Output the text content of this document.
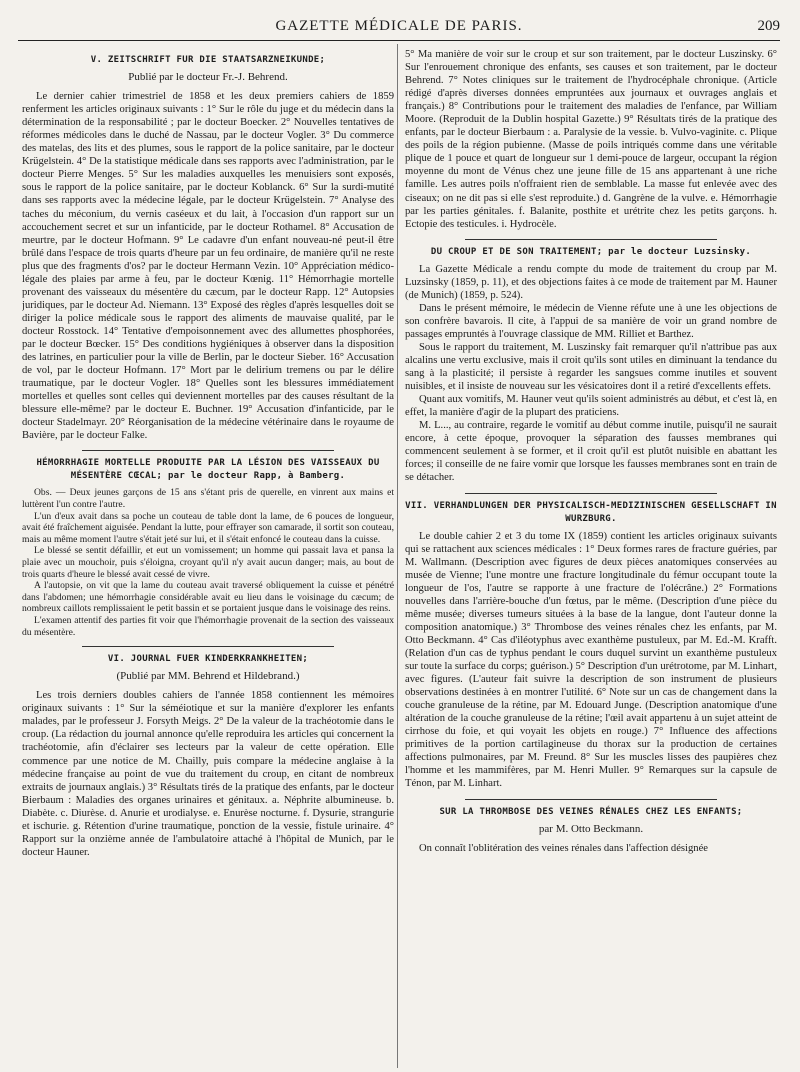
GAZETTE MÉDICALE DE PARIS.	209
V. ZEITSCHRIFT FUR DIE STAATSARZNEIKUNDE;
Publié par le docteur Fr.-J. Behrend.

Le dernier cahier trimestriel de 1858 et les deux premiers cahiers de 1859 renferment les articles originaux suivants : 1° Sur le rôle du juge et du médecin dans la détermination de la responsabilité ; par le docteur Boecker. 2° Nouvelles tentatives de réformes médicoles dans le duché de Nassau, par le docteur Vogler. 3° Du commerce des matelas, des lits et des plumes, sous le rapport de la police sanitaire, par le docteur Krügelstein. 4° De la statistique médicale dans ses rapports avec l'administration, par le docteur Pierre Menges. 5° Sur les maladies auxquelles les menuisiers sont exposés, sous le rapport de la police sanitaire, par le docteur Koblanck. 6° Sur la surdi-mutité dans ses rapports avec la médecine légale, par le docteur Krügelstein. 7° Analyse des taches du méconium, du vernis caséeux et du lait, à l'occasion d'un rapport sur un accouchement secret et sur un infanticide, par le docteur Rothamel. 8° Accusation de meurtre, par le docteur Hofmann. 9° Le cadavre d'un enfant nouveau-né peut-il être brûlé dans l'espace de trois quarts d'heure par un feu ordinaire, de manière qu'il ne reste plus que des fragments d'os? par le docteur Hermann Vezin. 10° Appréciation médico-légale des plaies par arme à feu, par le docteur Kœnig. 11° Hémorrhagie mortelle provenant des vaisseaux du mésentère du cæcum, par le docteur Rapp. 12° Autopsies juridiques, par le docteur Ad. Niemann. 13° Exposé des règles d'après lesquelles doit se diriger la police médicale sous le rapport des aliments de mauvaise qualité, par le docteur Rosstock. 14° Tentative d'empoisonnement avec des allumettes phosphorées, par le docteur Bœcker. 15° Des conditions hygiéniques à observer dans la disposition des latrines, en particulier pour la ville de Berlin, par le docteur Sieber. 16° Accusation de vol, par le docteur Hofmann. 17° Mort par le delirium tremens ou par le délire traumatique, par le docteur Vogler. 18° Quelles sont les blessures immédiatement mortelles et quelles sont celles qui deviennent mortelles par des causes résultant de la blessure elle-même? par le docteur E. Buchner. 19° Accusation d'infanticide, par le docteur Stadelmayr. 20° Réorganisation de la médecine vétérinaire dans le royaume de Bavière, par le docteur Falke.

HÉMORRHAGIE MORTELLE PRODUITE PAR LA LÉSION DES VAISSEAUX DU MÉSENTÈRE CŒCAL; par le docteur Rapp, à Bamberg.

Obs. — Deux jeunes garçons de 15 ans s'étant pris de querelle, en vinrent aux mains et luttèrent l'un contre l'autre.

L'un d'eux avait dans sa poche un couteau de table dont la lame, de 6 pouces de longueur, avait été fraîchement aiguisée. Pendant la lutte, pour effrayer son camarade, il sortit son couteau, mais au même moment l'autre s'était jeté sur lui, et il s'était enfoncé le couteau dans la cuisse.

Le blessé se sentit défaillir, et eut un vomissement; un homme qui passait lava et pansa la plaie avec un mouchoir, puis s'éloigna, croyant qu'il n'y avait aucun danger; mais, au bout de trois quarts d'heure le blessé avait cessé de vivre.

A l'autopsie, on vit que la lame du couteau avait traversé obliquement la cuisse et pénétré dans l'abdomen; une hémorrhagie considérable avait eu lieu dans le voisinage du cæcum; de nombreux caillots remplissaient le petit bassin et se portaient jusque dans le voisinage des reins.

L'examen attentif des parties fit voir que l'hémorrhagie provenait de la section des vaisseaux du mésentère.

VI. JOURNAL FUER KINDERKRANKHEITEN;
(Publié par MM. Behrend et Hildebrand.)

Les trois derniers doubles cahiers de l'année 1858 contiennent les mémoires originaux suivants : 1° Sur la séméiotique et sur la manière d'explorer les enfants malades, par le professeur J. Forsyth Meigs. 2° De la valeur de la trachéotomie dans le croup. (La rédaction du journal annonce qu'elle reproduira les articles qui concernent la trachéotomie, afin d'éclairer ses lecteurs par la valeur de cette opération. Elle commence par une notice de M. Chailly, puis compare la médecine anglaise à la médecine française au point de vue du traitement du croup, en citant de nombreux extraits de journaux anglais.) 3° Résultats tirés de la pratique des enfants, par le docteur Bierbaum : Maladies des organes urinaires et génitaux. a. Néphrite albumineuse. b. Diabète. c. Diurèse. d. Anurie et urodialyse. e. Enurèse nocturne. f. Dysurie, strangurie et ischurie. g. Rétention d'urine traumatique, ponction de la vessie, fistule urinaire. 4° Rapport sur la onzième année de l'ambulatoire attaché à l'hôpital de Munich, par le docteur Hauner.

5° Ma manière de voir sur le croup et sur son traitement, par le docteur Luszinsky. 6° Sur l'enrouement chronique des enfants, ses causes et son traitement, par le docteur Behrend. 7° Notes cliniques sur le traitement de l'hydrocéphale chronique. (Article rédigé d'après diverses données empruntées aux journaux et ouvrages anglais et français.) 8° Contributions pour le traitement des maladies de l'enfance, par William Moore. (Reproduit de la Dublin hospital Gazette.) 9° Résultats tirés de la pratique des enfants, par le docteur Bierbaum : a. Paralysie de la vessie. b. Vulvo-vaginite. c. Plique des poils de la région pubienne. (Masse de poils intriqués comme dans une véritable plique de 1 pouce et quart de longueur sur 1 demi-pouce de largeur, occupant la région moyenne du mont de Vénus chez une jeune fille de 15 ans appartenant à une riche famille. Les autres poils n'offraient rien de semblable. La masse fut enlevée avec des ciseaux; on ne dit pas si elle s'est reproduite.) d. Gangrène de la vulve. e. Hémorrhagie par les parties génitales. f. Balanite, posthite et urétrite chez les petits garçons. h. Ectopie des testicules. i. Hydrocèle.

DU CROUP ET DE SON TRAITEMENT; par le docteur Luzsinsky.

La Gazette Médicale a rendu compte du mode de traitement du croup par M. Luzsinsky (1859, p. 11), et des objections faites à ce mode de traitement par M. Hauner (de Munich) (1859, p. 524).

Dans le présent mémoire, le médecin de Vienne réfute une à une les objections de son confrère bavarois. Il cite, à l'appui de sa manière de voir un grand nombre de passages empruntés à l'ouvrage classique de MM. Rilliet et Barthez.

Sous le rapport du traitement, M. Luszinsky fait remarquer qu'il n'attribue pas aux alcalins une vertu exclusive, mais il croit qu'ils sont utiles en diminuant la tendance du sang à la plasticité; il persiste à regarder les sangsues comme inutiles et souvent nuisibles, et il insiste de nouveau sur les vésicatoires dont il a retiré d'excellents effets.

Quant aux vomitifs, M. Hauner veut qu'ils soient administrés au début, et c'est là, en effet, la manière d'agir de la plupart des praticiens.

M. L..., au contraire, regarde le vomitif au début comme inutile, puisqu'il ne saurait encore, à cette époque, provoquer la séparation des fausses membranes qui commencent seulement à se former, et il croit qu'il est plutôt nuisible en abattant les forces; il conseille de ne faire vomir que lorsque les fausses membranes sont en train de se détacher.

VII. VERHANDLUNGEN DER PHYSICALISCH-MEDIZINISCHEN GESELLSCHAFT IN WURZBURG.

Le double cahier 2 et 3 du tome IX (1859) contient les articles originaux suivants qui se rattachent aux sciences médicales : 1° Deux formes rares de fracture guéries, par M. Wallmann. (Description avec figures de deux pièces anatomiques conservées au musée de Vienne; l'une montre une fracture longitudinale du fémur occupant toute la longueur de l'os, l'autre se rapporte à une fracture de l'olécrâne.) 2° Formations nouvelles dans l'arrière-bouche d'un fœtus, par le même. (Description d'une pièce du même musée; diverses tumeurs situées à la base de la langue, dont l'auteur donne la composition anatomique.) 3° Thrombose des veines rénales chez les enfants, par M. Otto Beckmann. 4° Cas d'iléotyphus avec exanthème pustuleux, par M. Ed.-M. Krafft. (Relation d'un cas de typhus pendant le cours duquel survint un exanthème pustuleux sur toute la surface du corps; guérison.) 5° Description d'un urétrotome, par M. Linhart, avec figures. (L'auteur fait suivre la description de son instrument de plusieurs observations destinées à en montrer l'utilité. 6° Note sur un cas de changement dans la couche granuleuse de la rétine, par M. Edouard Junge. (Description anatomique d'une altération de la couche granuleuse de la rétine; l'œil avait appartenu à un sujet atteint de cirrhose du foie, et qui voyait les objets en rouge.) 7° Influence des affections primitives de la portion cartilagineuse du thorax sur la production de certaines affections pulmonaires, par M. Freund. 8° Sur les muscles lisses des paupières chez l'homme et les mammifères, par M. Henri Muller. 9° Remarques sur la capsule de Ténon, par M. Linhart.

SUR LA THROMBOSE DES VEINES RÉNALES CHEZ LES ENFANTS;
par M. Otto Beckmann.

On connaît l'oblitération des veines rénales dans l'affection désignée
